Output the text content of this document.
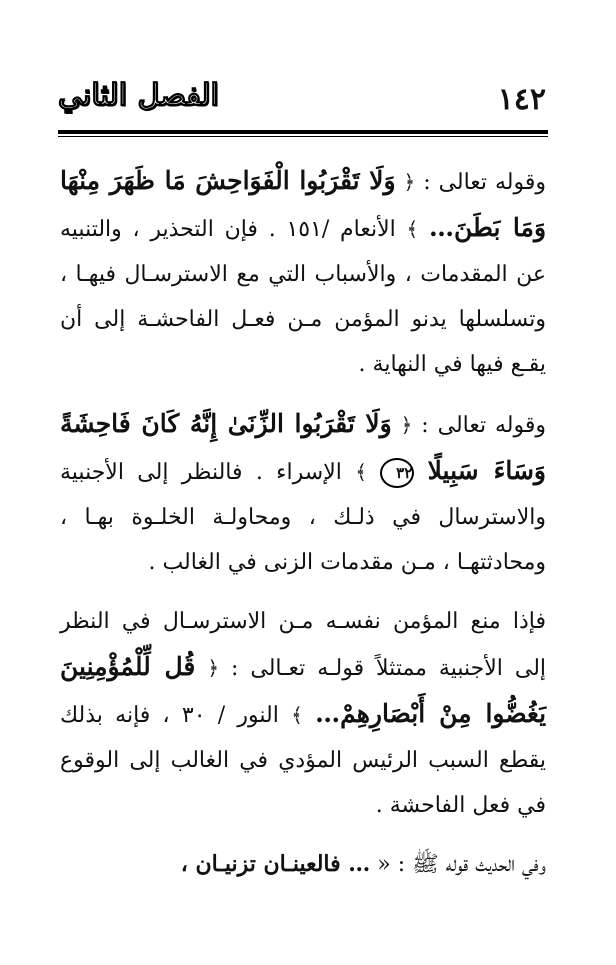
١٤٢
الفصل الثاني

وقوله تعالى : ﴿ وَلَا تَقْرَبُوا الْفَوَاحِشَ مَا ظَهَرَ مِنْهَا وَمَا بَطَنَ… ﴾ الأنعام /١٥١ . فإن التحذير ، والتنبيه عن المقدمات ، والأسباب التي مع الاسترسـال فيهـا ، وتسلسلها يدنو المؤمن مـن فعـل الفاحشـة إلى أن يقـع فيها في النهاية .

وقوله تعالى : ﴿ وَلَا تَقْرَبُوا الزِّنَىٰ إِنَّهُ كَانَ فَاحِشَةً وَسَاءَ سَبِيلًا ٣٢ ﴾ الإسراء . فالنظر إلى الأجنبية والاسترسال في ذلـك ، ومحاولـة الخلـوة بهـا ، ومحادثتهـا ، مـن مقدمات الزنى في الغالب .

فإذا منع المؤمن نفسـه مـن الاسترسـال في النظر إلى الأجنبية ممتثلاً قولـه تعـالى : ﴿ قُل لِّلْمُؤْمِنِينَ يَغُضُّوا مِنْ أَبْصَارِهِمْ… ﴾ النور / ٣٠ ، فإنه بذلك يقطع السبب الرئيس المؤدي في الغالب إلى الوقوع في فعل الفاحشة .

وفي الحديث قوله ﷺ : « … فالعينـان تزنيـان ،
